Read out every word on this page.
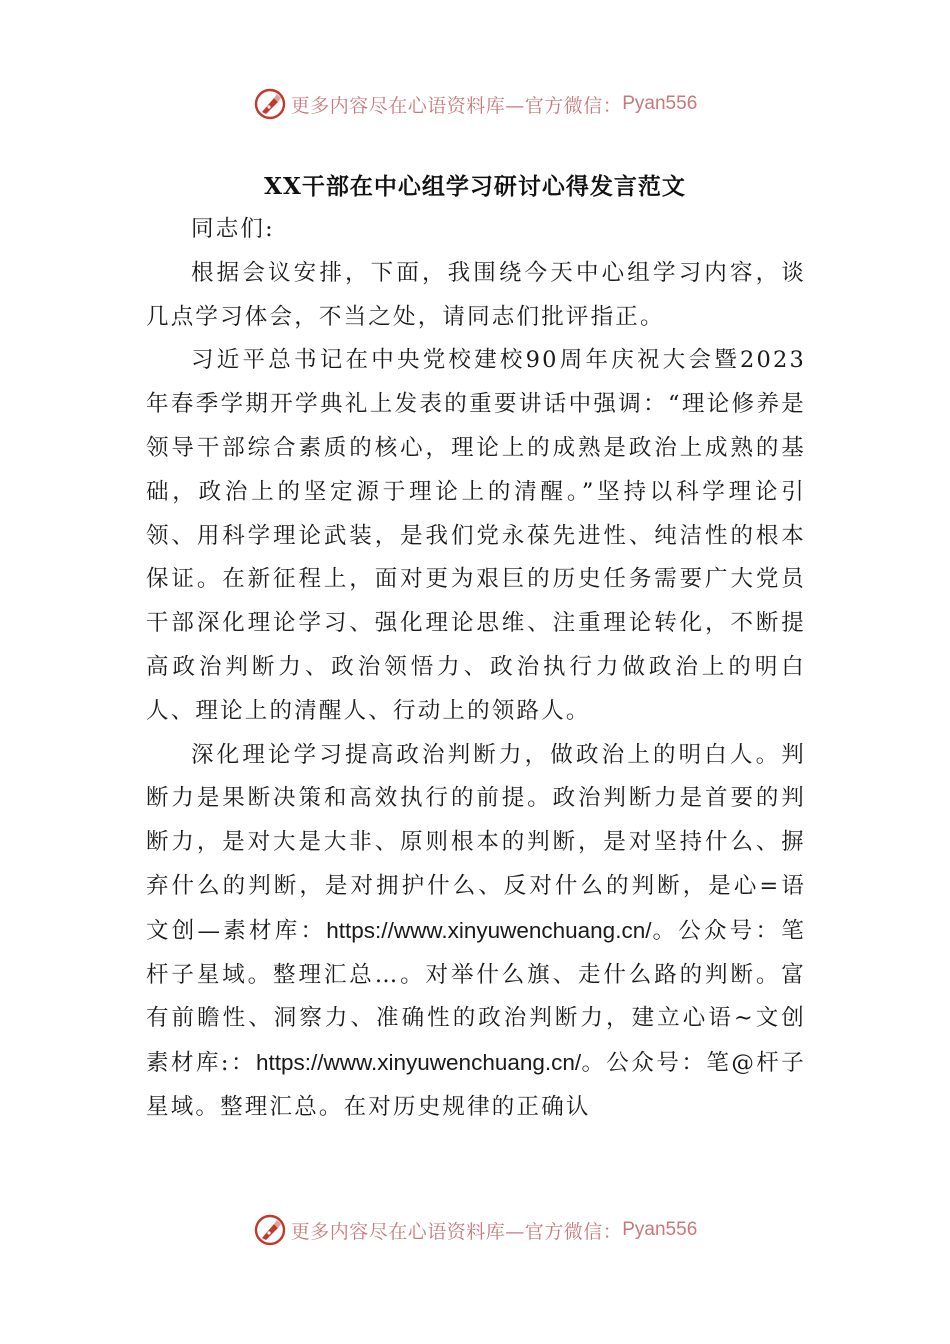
更多内容尽在心语资料库—官方微信： Pyan556
XX干部在中心组学习研讨心得发言范文

同志们:

根据会议安排，下面，我围绕今天中心组学习内容，谈几点学习体会，不当之处，请同志们批评指正。

习近平总书记在中央党校建校90周年庆祝大会暨2023年春季学期开学典礼上发表的重要讲话中强调：“理论修养是领导干部综合素质的核心，理论上的成熟是政治上成熟的基础，政治上的坚定源于理论上的清醒。”坚持以科学理论引领、用科学理论武装，是我们党永葆先进性、纯洁性的根本保证。在新征程上，面对更为艰巨的历史任务需要广大党员干部深化理论学习、强化理论思维、注重理论转化，不断提高政治判断力、政治领悟力、政治执行力做政治上的明白人、理论上的清醒人、行动上的领路人。

深化理论学习提高政治判断力，做政治上的明白人。判断力是果断决策和高效执行的前提。政治判断力是首要的判断力，是对大是大非、原则根本的判断，是对坚持什么、摒弃什么的判断，是对拥护什么、反对什么的判断，是心=语文创—素材库：https://www.xinyuwenchuang.cn/。公众号：笔杆子星域。整理汇总…。对举什么旗、走什么路的判断。富有前瞻性、洞察力、准确性的政治判断力，建立心语~文创素材库:：https://www.xinyuwenchuang.cn/。公众号：笔@杆子星域。整理汇总。在对历史规律的正确认

更多内容尽在心语资料库—官方微信： Pyan556
